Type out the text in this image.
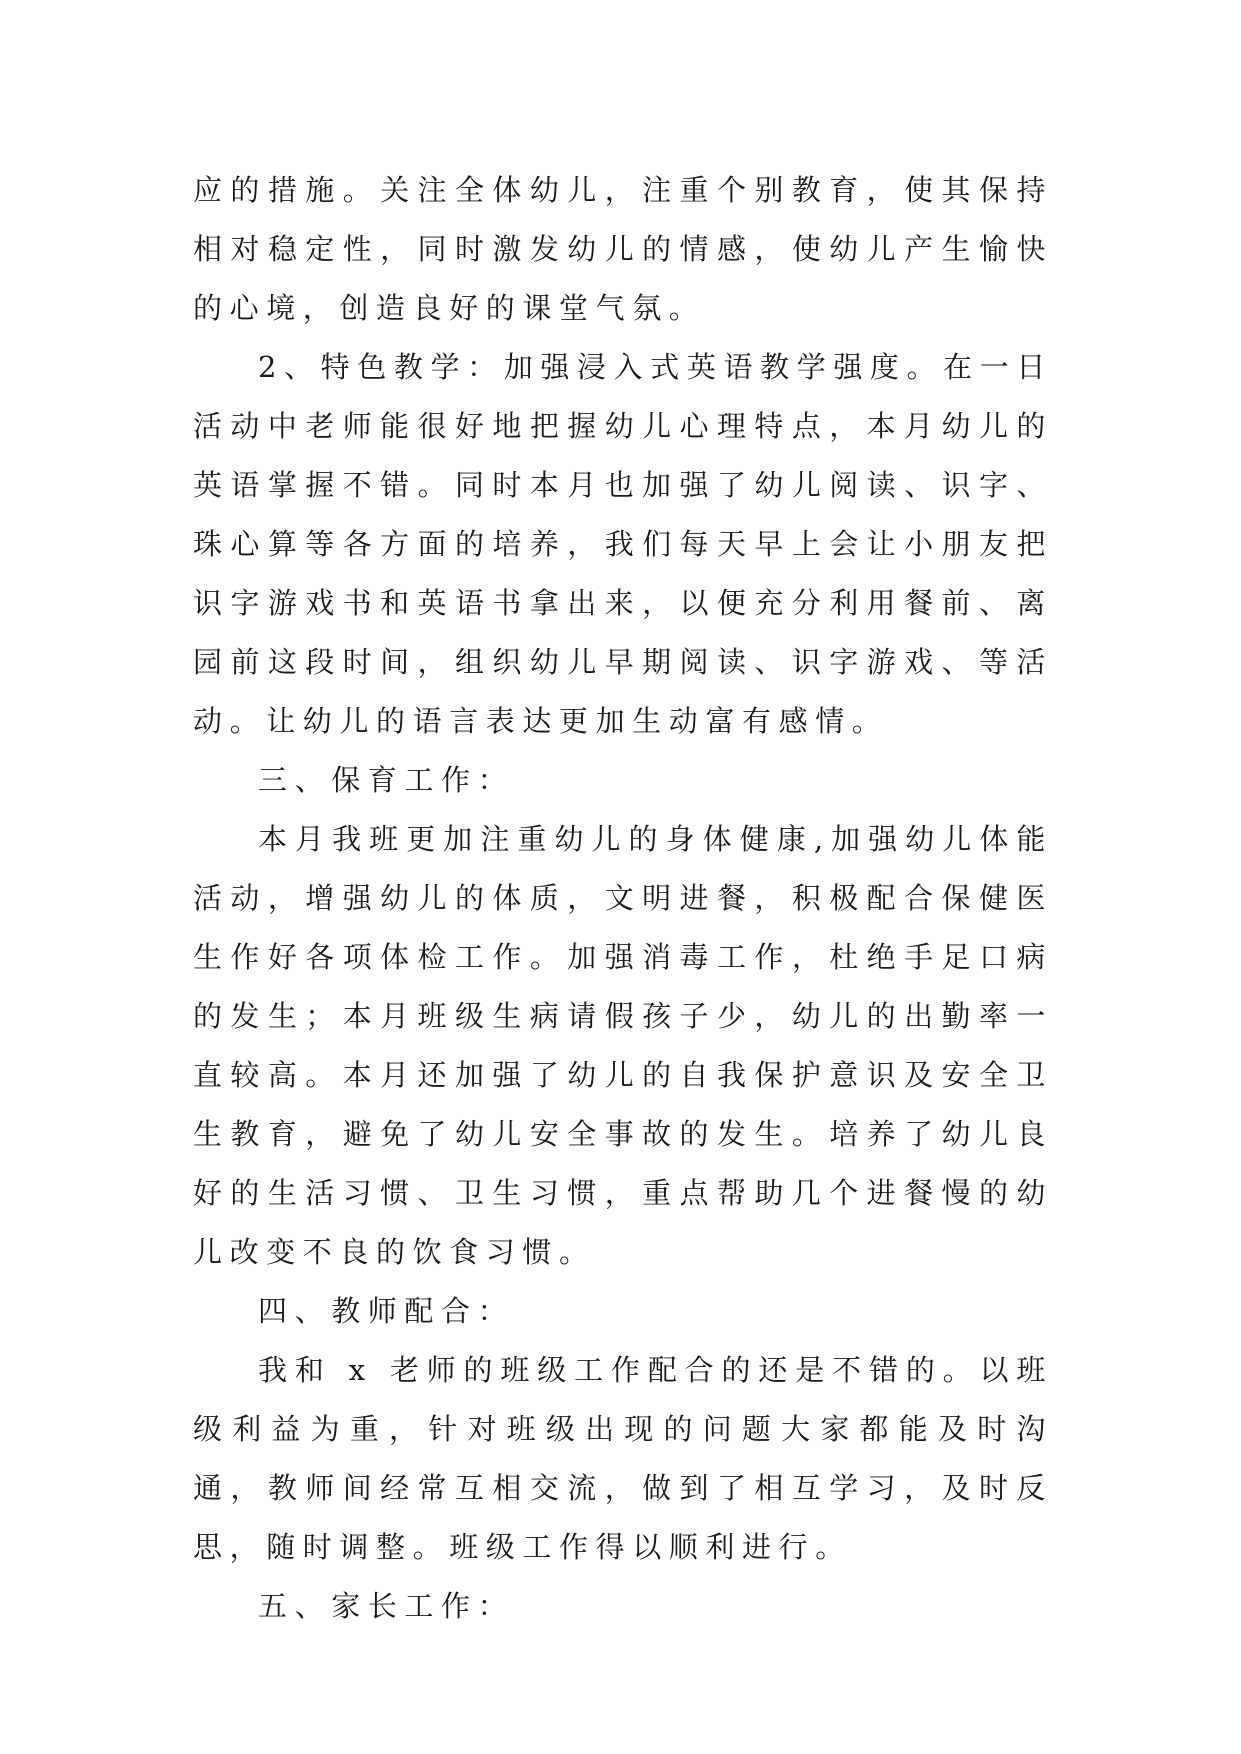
应的措施。关注全体幼儿，注重个别教育，使其保持相对稳定性，同时激发幼儿的情感，使幼儿产生愉快的心境，创造良好的课堂气氛。

2、特色教学：加强浸入式英语教学强度。在一日活动中老师能很好地把握幼儿心理特点，本月幼儿的英语掌握不错。同时本月也加强了幼儿阅读、识字、珠心算等各方面的培养，我们每天早上会让小朋友把识字游戏书和英语书拿出来，以便充分利用餐前、离园前这段时间，组织幼儿早期阅读、识字游戏、等活动。让幼儿的语言表达更加生动富有感情。

三、保育工作：

本月我班更加注重幼儿的身体健康,加强幼儿体能活动，增强幼儿的体质，文明进餐，积极配合保健医生作好各项体检工作。加强消毒工作，杜绝手足口病的发生；本月班级生病请假孩子少，幼儿的出勤率一直较高。本月还加强了幼儿的自我保护意识及安全卫生教育，避免了幼儿安全事故的发生。培养了幼儿良好的生活习惯、卫生习惯，重点帮助几个进餐慢的幼儿改变不良的饮食习惯。

四、教师配合：

我和 x 老师的班级工作配合的还是不错的。以班级利益为重，针对班级出现的问题大家都能及时沟通，教师间经常互相交流，做到了相互学习，及时反思，随时调整。班级工作得以顺利进行。

五、家长工作：
